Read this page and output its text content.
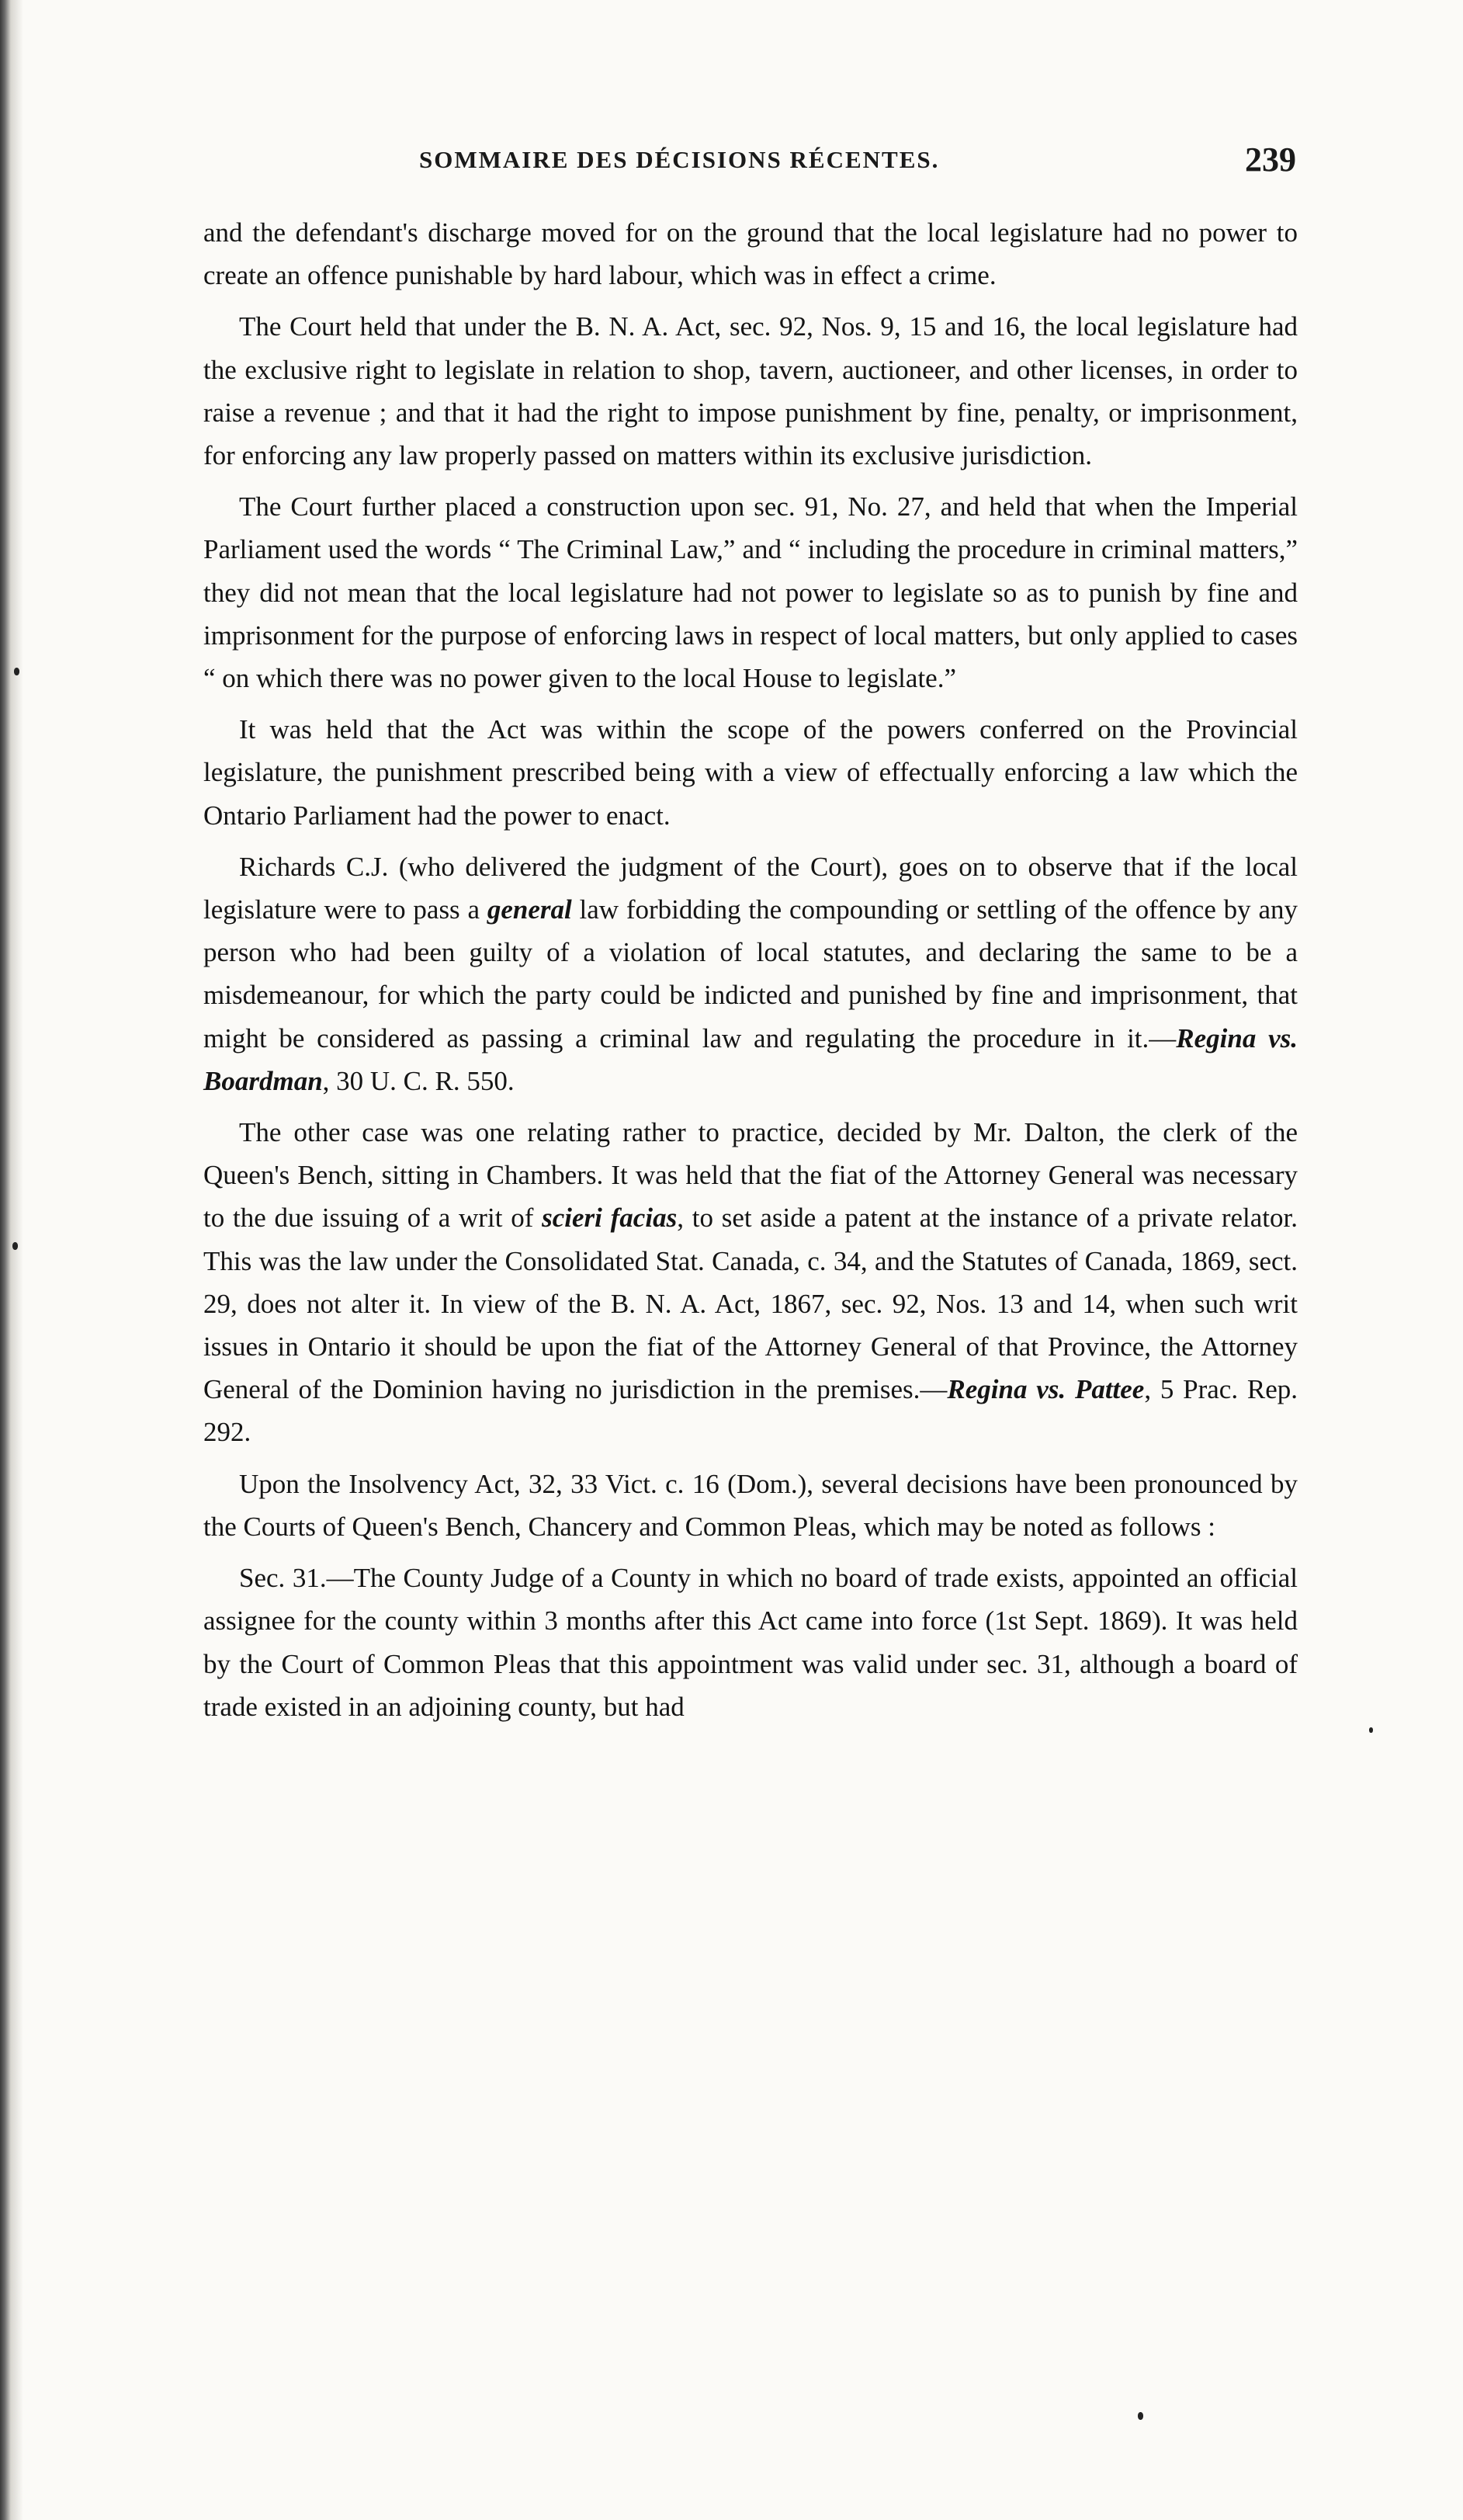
SOMMAIRE DES DÉCISIONS RÉCENTES.	239

and the defendant's discharge moved for on the ground that the local legislature had no power to create an offence punishable by hard labour, which was in effect a crime.

The Court held that under the B. N. A. Act, sec. 92, Nos. 9, 15 and 16, the local legislature had the exclusive right to legislate in relation to shop, tavern, auctioneer, and other licenses, in order to raise a revenue ; and that it had the right to impose punishment by fine, penalty, or imprisonment, for enforcing any law properly passed on matters within its exclusive jurisdiction.

The Court further placed a construction upon sec. 91, No. 27, and held that when the Imperial Parliament used the words “ The Criminal Law,” and “ including the procedure in criminal matters,” they did not mean that the local legislature had not power to legislate so as to punish by fine and imprisonment for the purpose of enforcing laws in respect of local matters, but only applied to cases “ on which there was no power given to the local House to legislate.”

It was held that the Act was within the scope of the powers conferred on the Provincial legislature, the punishment prescribed being with a view of effectually enforcing a law which the Ontario Parliament had the power to enact.

Richards C.J. (who delivered the judgment of the Court), goes on to observe that if the local legislature were to pass a general law forbidding the compounding or settling of the offence by any person who had been guilty of a violation of local statutes, and declaring the same to be a misdemeanour, for which the party could be indicted and punished by fine and imprisonment, that might be considered as passing a criminal law and regulating the procedure in it.—Regina vs. Boardman, 30 U. C. R. 550.

The other case was one relating rather to practice, decided by Mr. Dalton, the clerk of the Queen's Bench, sitting in Chambers. It was held that the fiat of the Attorney General was necessary to the due issuing of a writ of scieri facias, to set aside a patent at the instance of a private relator. This was the law under the Consolidated Stat. Canada, c. 34, and the Statutes of Canada, 1869, sect. 29, does not alter it. In view of the B. N. A. Act, 1867, sec. 92, Nos. 13 and 14, when such writ issues in Ontario it should be upon the fiat of the Attorney General of that Province, the Attorney General of the Dominion having no jurisdiction in the premises.—Regina vs. Pattee, 5 Prac. Rep. 292.

Upon the Insolvency Act, 32, 33 Vict. c. 16 (Dom.), several decisions have been pronounced by the Courts of Queen's Bench, Chancery and Common Pleas, which may be noted as follows :

Sec. 31.—The County Judge of a County in which no board of trade exists, appointed an official assignee for the county within 3 months after this Act came into force (1st Sept. 1869). It was held by the Court of Common Pleas that this appointment was valid under sec. 31, although a board of trade existed in an adjoining county, but had
